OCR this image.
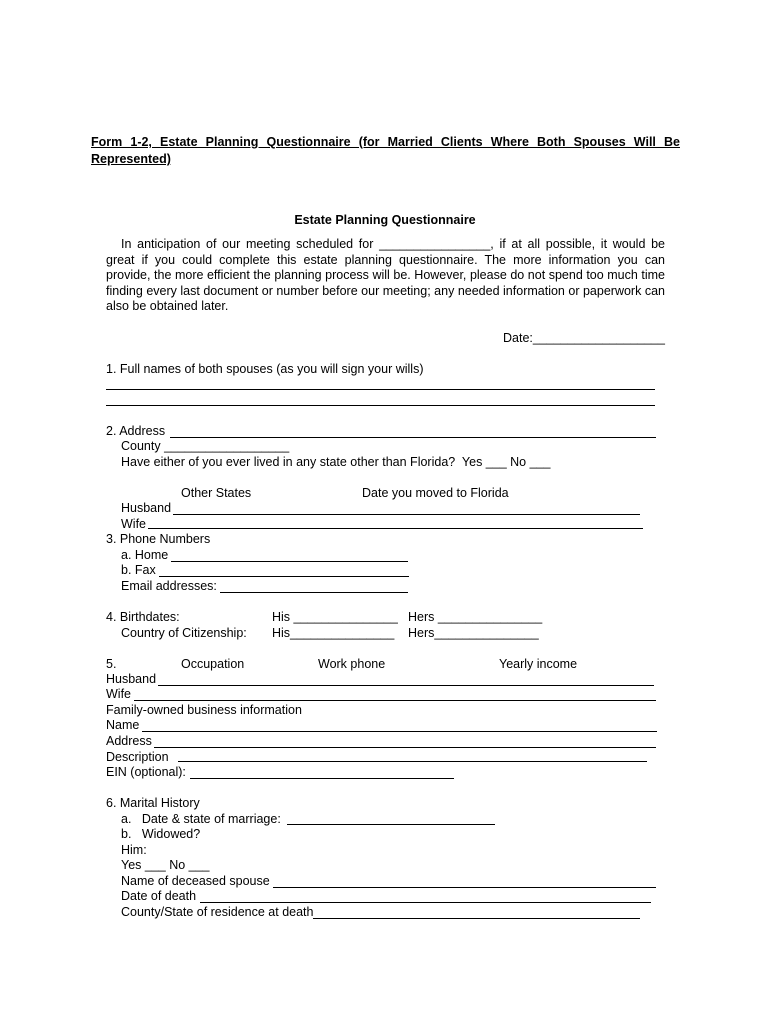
Form 1-2, Estate Planning Questionnaire (for Married Clients Where Both Spouses Will Be Represented)
Estate Planning Questionnaire
In anticipation of our meeting scheduled for ________________, if at all possible, it would be great if you could complete this estate planning questionnaire. The more information you can provide, the more efficient the planning process will be. However, please do not spend too much time finding every last document or number before our meeting; any needed information or paperwork can also be obtained later.
Date:___________________
1. Full names of both spouses (as you will sign your wills)
2. Address
County __________________
Have either of you ever lived in any state other than Florida?  Yes ___ No ___
Other States	Date you moved to Florida
Husband
Wife
3. Phone Numbers
a. Home
b. Fax
Email addresses:
4. Birthdates:	His _______________ Hers _______________
Country of Citizenship: His_______________ Hers_______________
5.	Occupation	Work phone	Yearly income
Husband
Wife
Family-owned business information
Name
Address
Description
EIN (optional):
6. Marital History
a.   Date & state of marriage:
b.   Widowed?
Him:
Yes ___ No ___
Name of deceased spouse
Date of death
County/State of residence at death
